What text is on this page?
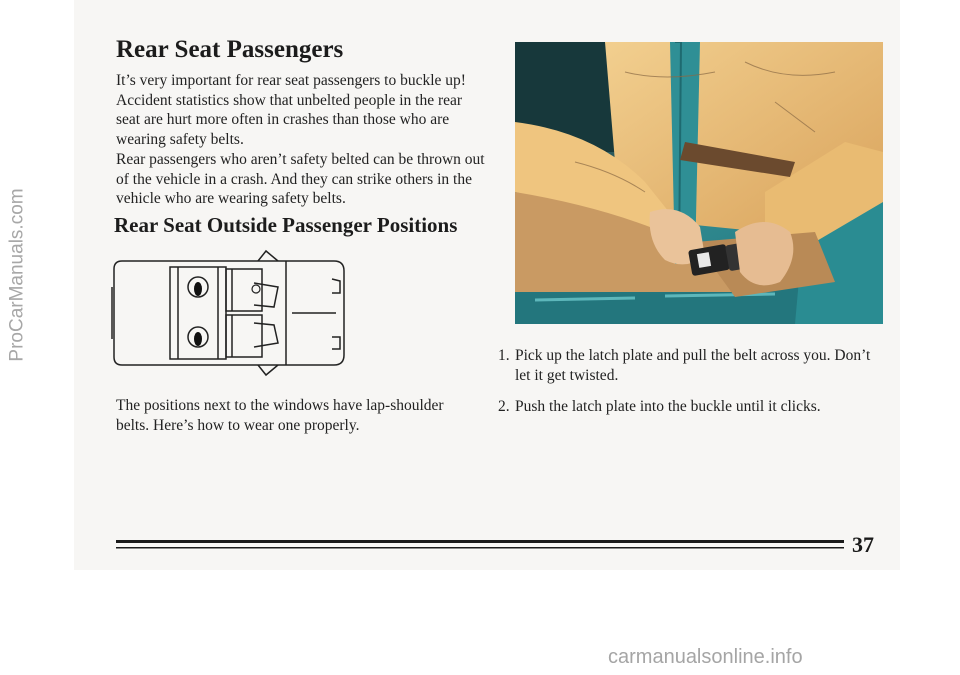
Rear Seat Passengers

It’s very important for rear seat passengers to buckle up! Accident statistics show that unbelted people in the rear seat are hurt more often in crashes than those who are wearing safety belts.

Rear passengers who aren’t safety belted can be thrown out of the vehicle in a crash. And they can strike others in the vehicle who are wearing safety belts.

Rear Seat Outside Passenger Positions

The positions next to the windows have lap-shoulder belts. Here’s how to wear one properly.

1. Pick up the latch plate and pull the belt across you. Don’t let it get twisted.
2. Push the latch plate into the buckle until it clicks.
37
ProCarManuals.com
carmanualsonline.info
